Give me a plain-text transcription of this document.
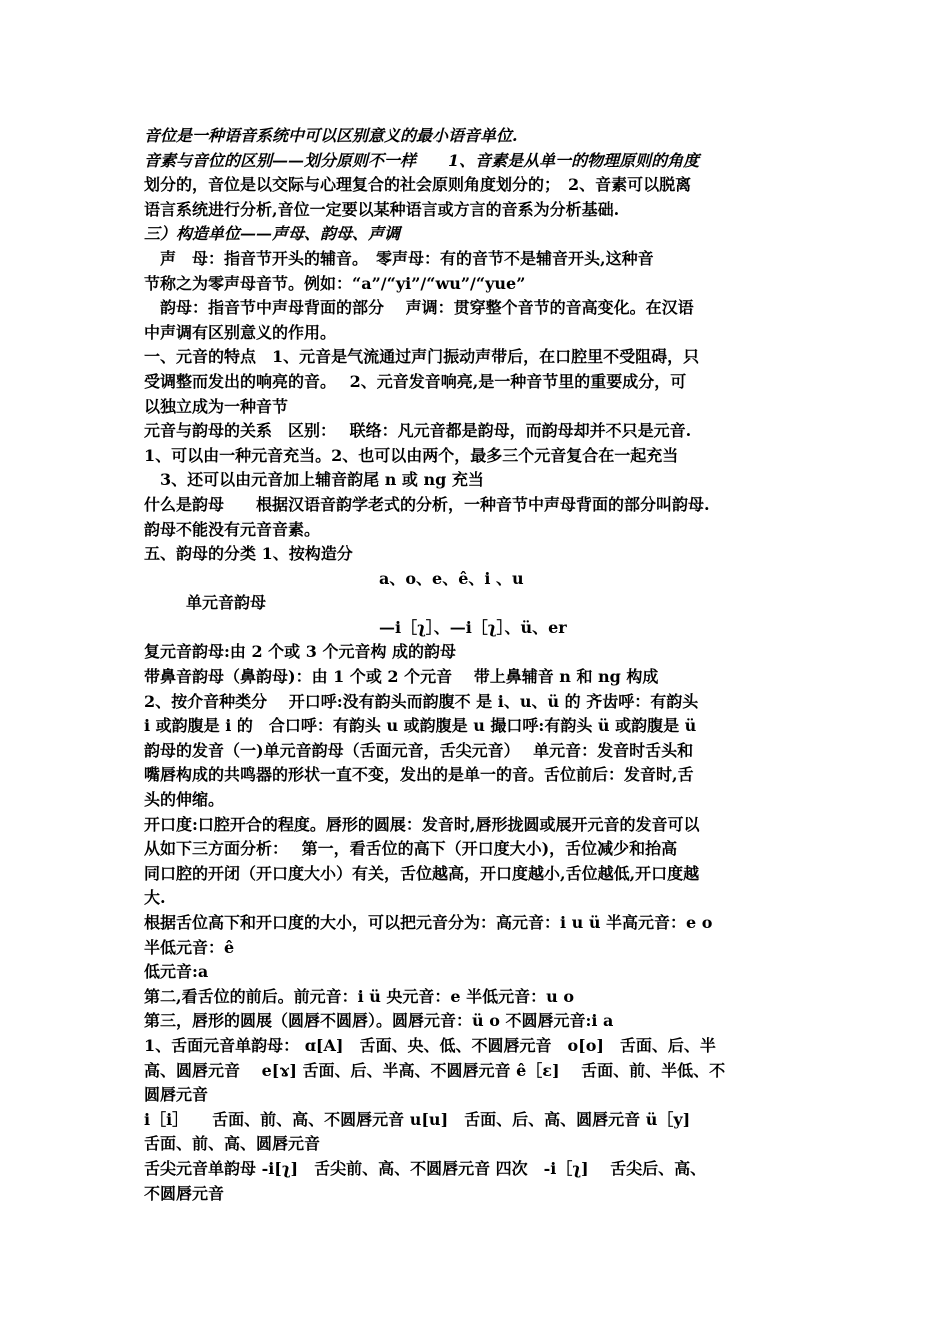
音位是一种语音系统中可以区别意义的最小语音单位.
音素与音位的区别——划分原则不一样　　1、音素是从单一的物理原则的角度
划分的，音位是以交际与心理复合的社会原则角度划分的；　2、音素可以脱离
语言系统进行分析,音位一定要以某种语言或方言的音系为分析基础.
三）构造单位——声母、韵母、声调
　声　母：指音节开头的辅音。　零声母：有的音节不是辅音开头,这种音
节称之为零声母音节。例如：“a”/“yi”/“wu”/“yue”
　韵母：指音节中声母背面的部分　 声调：贯穿整个音节的音高变化。在汉语
中声调有区别意义的作用。
一、元音的特点　1、元音是气流通过声门振动声带后，在口腔里不受阻碍，只
受调整而发出的响亮的音。　 2、元音发音响亮,是一种音节里的重要成分，可
以独立成为一种音节
元音与韵母的关系　区别：　 联络：凡元音都是韵母，而韵母却并不只是元音.
1、可以由一种元音充当。2、也可以由两个，最多三个元音复合在一起充当
　3、还可以由元音加上辅音韵尾 n 或 ng 充当
什么是韵母　　根据汉语音韵学老式的分析，一种音节中声母背面的部分叫韵母.
韵母不能没有元音音素。
五、韵母的分类 1、按构造分
a、o、e、ê、i 、u
单元音韵母
—i［ʅ］、—i［ʅ］、ü、er
复元音韵母:由 2 个或 3 个元音构 成的韵母
带鼻音韵母（鼻韵母)：由 1 个或 2 个元音　 带上鼻辅音 n 和 ng 构成
2、按介音种类分　 开口呼:没有韵头而韵腹不 是 i、u、ü 的 齐齿呼：有韵头
i 或韵腹是 i 的　合口呼：有韵头 u 或韵腹是 u 撮口呼:有韵头 ü 或韵腹是 ü
韵母的发音（一)单元音韵母（舌面元音，舌尖元音）　 单元音：发音时舌头和
嘴唇构成的共鸣器的形状一直不变，发出的是单一的音。舌位前后：发音时,舌
头的伸缩。
开口度:口腔开合的程度。唇形的圆展：发音时,唇形拢圆或展开元音的发音可以
从如下三方面分析：　 第一，看舌位的高下（开口度大小)，舌位减少和抬高
同口腔的开闭（开口度大小）有关，舌位越高，开口度越小,舌位越低,开口度越
大.
根据舌位高下和开口度的大小，可以把元音分为：高元音：i u ü 半高元音：e o
半低元音：ê
低元音:a
第二,看舌位的前后。前元音：i ü 央元音：e 半低元音：u o
第三，唇形的圆展（圆唇不圆唇）。圆唇元音：ü o 不圆唇元音:i a
1、舌面元音单韵母： ɑ[A]　舌面、央、低、不圆唇元音　o[o]　舌面、后、半
高、圆唇元音　 e[ɤ] 舌面、后、半高、不圆唇元音 ê［ɛ]　 舌面、前、半低、不
圆唇元音
i［i］　　舌面、前、高、不圆唇元音 u[u]　舌面、后、高、圆唇元音 ü［y]
舌面、前、高、圆唇元音
舌尖元音单韵母 -i[ʅ]　舌尖前、高、不圆唇元音 四次　-i［ʅ]　 舌尖后、高、
不圆唇元音
